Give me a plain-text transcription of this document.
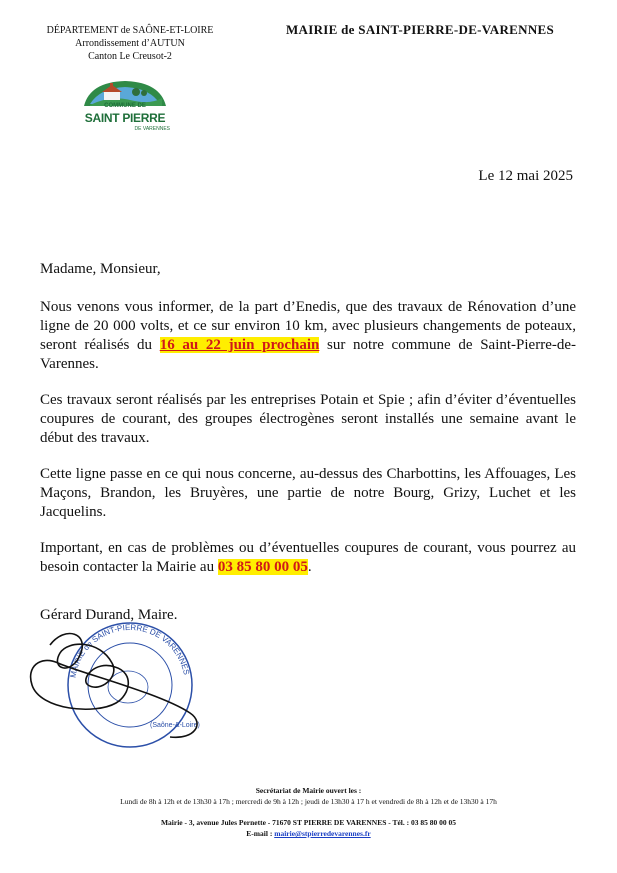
DÉPARTEMENT de SAÔNE-ET-LOIRE
Arrondissement d’AUTUN
Canton Le Creusot-2
MAIRIE de SAINT-PIERRE-DE-VARENNES
COMMUNE DE
SAINT PIERRE
DE VARENNES
Le 12 mai 2025

Madame, Monsieur,

Nous venons vous informer, de la part d’Enedis, que des travaux de Rénovation d’une ligne de 20 000 volts, et ce sur environ 10 km, avec plusieurs changements de poteaux, seront réalisés du 16 au 22 juin prochain sur notre commune de Saint-Pierre-de-Varennes.

Ces travaux seront réalisés par les entreprises Potain et Spie ; afin d’éviter d’éventuelles coupures de courant, des groupes électrogènes seront installés une semaine avant le début des travaux.

Cette ligne passe en ce qui nous concerne, au-dessus des Charbottins, les Affouages, Les Maçons, Brandon, les Bruyères, une partie de notre Bourg, Grizy, Luchet et les Jacquelins.

Important, en cas de problèmes ou d’éventuelles coupures de courant, vous pourrez au besoin contacter la Mairie au 03 85 80 00 05.

Gérard Durand, Maire.
MAIRIE de SAINT-PIERRE DE VARENNES
(Saône-&-Loire)
Secrétariat de Mairie ouvert les :
Lundi de 8h à 12h et de 13h30 à 17h ; mercredi de 9h à 12h ; jeudi de 13h30 à 17 h et vendredi de 8h à 12h et de 13h30 à 17h
Mairie - 3, avenue Jules Pernette - 71670 ST PIERRE DE VARENNES - Tél. : 03 85 80 00 05
E-mail : mairie@stpierredevarennes.fr
